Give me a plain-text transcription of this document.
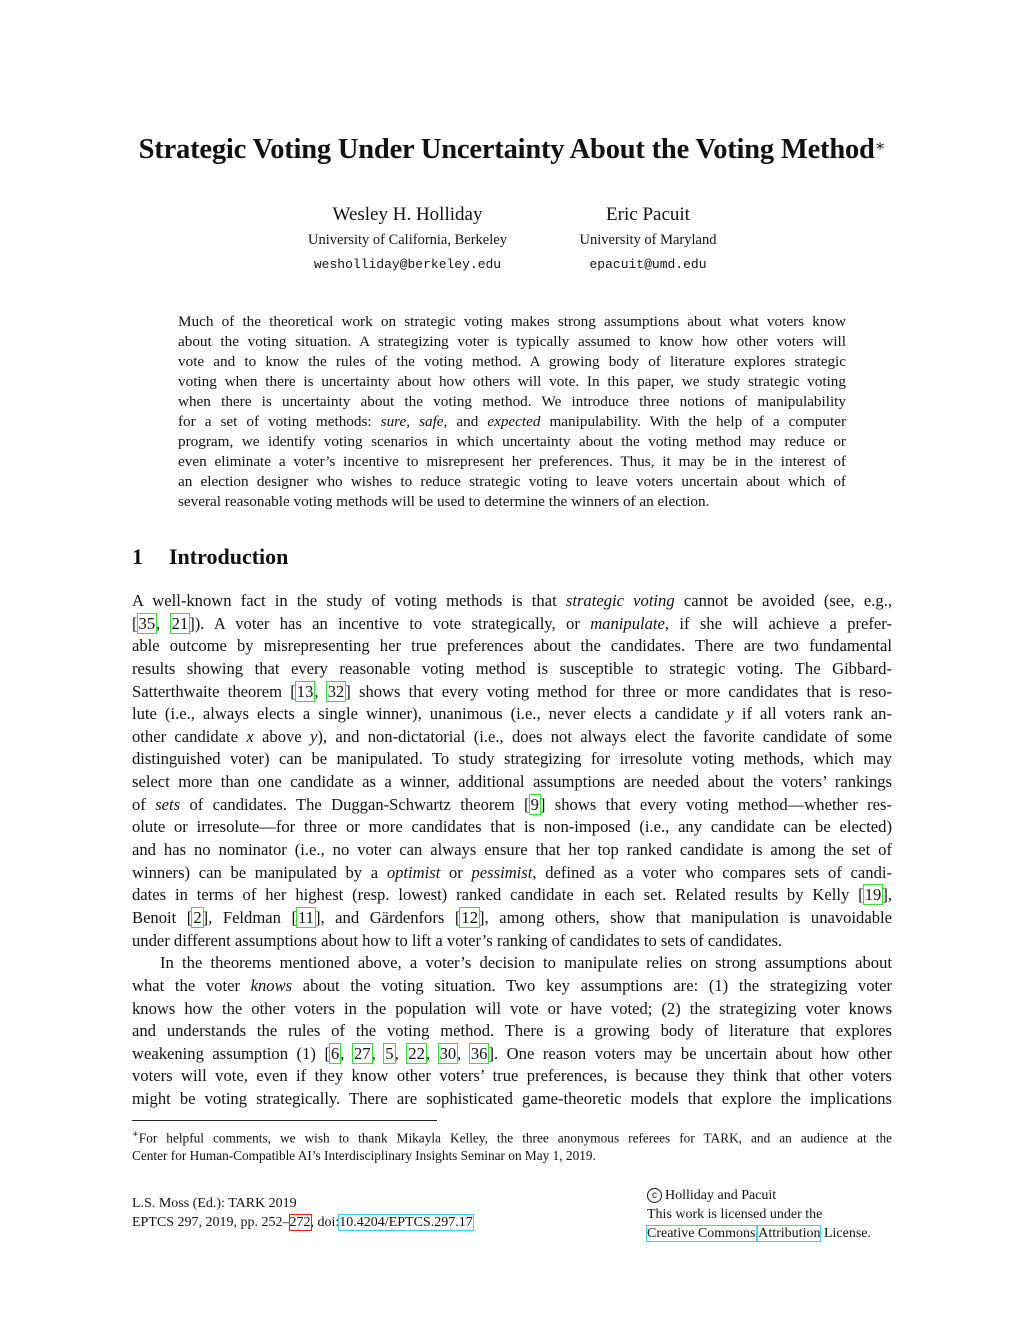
Strategic Voting Under Uncertainty About the Voting Method∗
Wesley H. Holliday
University of California, Berkeley
wesholliday@berkeley.edu
Eric Pacuit
University of Maryland
epacuit@umd.edu
Much of the theoretical work on strategic voting makes strong assumptions about what voters know
about the voting situation. A strategizing voter is typically assumed to know how other voters will
vote and to know the rules of the voting method. A growing body of literature explores strategic
voting when there is uncertainty about how others will vote. In this paper, we study strategic voting
when there is uncertainty about the voting method. We introduce three notions of manipulability
for a set of voting methods: sure, safe, and expected manipulability. With the help of a computer
program, we identify voting scenarios in which uncertainty about the voting method may reduce or
even eliminate a voter’s incentive to misrepresent her preferences. Thus, it may be in the interest of
an election designer who wishes to reduce strategic voting to leave voters uncertain about which of
several reasonable voting methods will be used to determine the winners of an election.
1 Introduction
A well-known fact in the study of voting methods is that strategic voting cannot be avoided (see, e.g.,
[35, 21]). A voter has an incentive to vote strategically, or manipulate, if she will achieve a prefer-
able outcome by misrepresenting her true preferences about the candidates. There are two fundamental
results showing that every reasonable voting method is susceptible to strategic voting. The Gibbard-
Satterthwaite theorem [13, 32] shows that every voting method for three or more candidates that is reso-
lute (i.e., always elects a single winner), unanimous (i.e., never elects a candidate y if all voters rank an-
other candidate x above y), and non-dictatorial (i.e., does not always elect the favorite candidate of some
distinguished voter) can be manipulated. To study strategizing for irresolute voting methods, which may
select more than one candidate as a winner, additional assumptions are needed about the voters’ rankings
of sets of candidates. The Duggan-Schwartz theorem [9] shows that every voting method—whether res-
olute or irresolute—for three or more candidates that is non-imposed (i.e., any candidate can be elected)
and has no nominator (i.e., no voter can always ensure that her top ranked candidate is among the set of
winners) can be manipulated by a optimist or pessimist, defined as a voter who compares sets of candi-
dates in terms of her highest (resp. lowest) ranked candidate in each set. Related results by Kelly [19],
Benoit [2], Feldman [11], and Gärdenfors [12], among others, show that manipulation is unavoidable
under different assumptions about how to lift a voter’s ranking of candidates to sets of candidates.
In the theorems mentioned above, a voter’s decision to manipulate relies on strong assumptions about
what the voter knows about the voting situation. Two key assumptions are: (1) the strategizing voter
knows how the other voters in the population will vote or have voted; (2) the strategizing voter knows
and understands the rules of the voting method. There is a growing body of literature that explores
weakening assumption (1) [6, 27, 5, 22, 30, 36]. One reason voters may be uncertain about how other
voters will vote, even if they know other voters’ true preferences, is because they think that other voters
might be voting strategically. There are sophisticated game-theoretic models that explore the implications
∗For helpful comments, we wish to thank Mikayla Kelley, the three anonymous referees for TARK, and an audience at the
Center for Human-Compatible AI’s Interdisciplinary Insights Seminar on May 1, 2019.
L.S. Moss (Ed.): TARK 2019
EPTCS 297, 2019, pp. 252–272, doi:10.4204/EPTCS.297.17
c Holliday and Pacuit
This work is licensed under the
Creative Commons Attribution License.
